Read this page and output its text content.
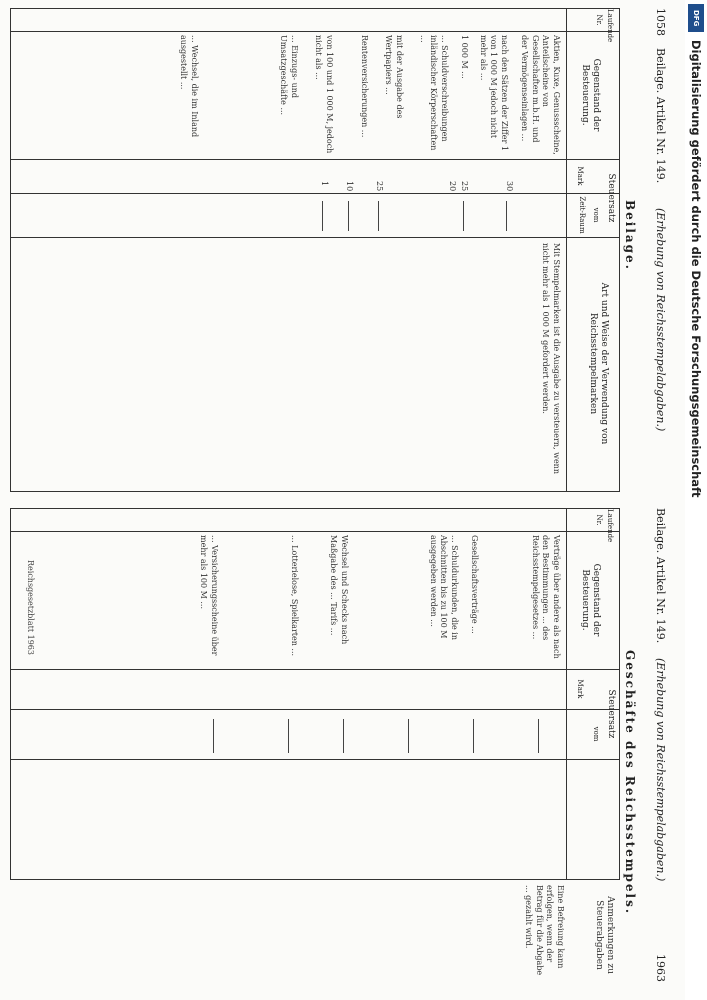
1058
Beilage. Artikel Nr. 149.
(Erhebung von Reichsstempelabgaben.)
Beilage.
Laufende Nr.
Gegenstand der Besteuerung.
Steuersatz
Mark
vom
Zeit-Raum
Art und Weise der Verwendung von Reichsstempelmarken
Aktien, Kuxe, Genussscheine, Anteilscheine von Gesellschaften m.b.H. und der Vermögenseinlagen ...
nach den Sätzen der Ziffer 1 von 1 000 M jedoch nicht mehr als ...
1 000 M ...
... Schuldverschreibungen inländischer Körperschaften ...
mit der Ausgabe des Wertpapiers ...
Rentenversicherungen ...
von 100 und 1 000 M, jedoch nicht als ...
... Einzugs- und Umsatzgeschäfte ...
... Wechsel, die im Inland ausgestellt ...
30
25
20
25
10
1
Mit Stempelmarken ist die Ausgabe zu versteuern, wenn nicht mehr als 1 000 M gefordert werden.
Beilage. Artikel Nr. 149.
(Erhebung von Reichsstempelabgaben.)
1963
Geschäfte des Reichsstempels.
Laufende Nr.
Gegenstand der Besteuerung.
Steuersatz
Mark
vom
Verträge über andere als nach den Bestimmungen ... des Reichsstempelgesetzes ...
Gesellschaftsverträge ...
... Schuldurkunden, die in Abschnitten bis zu 100 M ausgegeben werden ...
Wechsel und Schecks nach Maßgabe des ... Tarifs ...
... Lotterielose, Spielkarten ...
... Versicherungsscheine über mehr als 100 M ...
Anmerkungen zu Steuerabgaben
Eine Befreiung kann erfolgen, wenn der Betrag für die Abgabe ... gezahlt wird.
Reichsgesetzblatt 1963
DFG
Digitalisierung gefördert durch die Deutsche Forschungsgemeinschaft
